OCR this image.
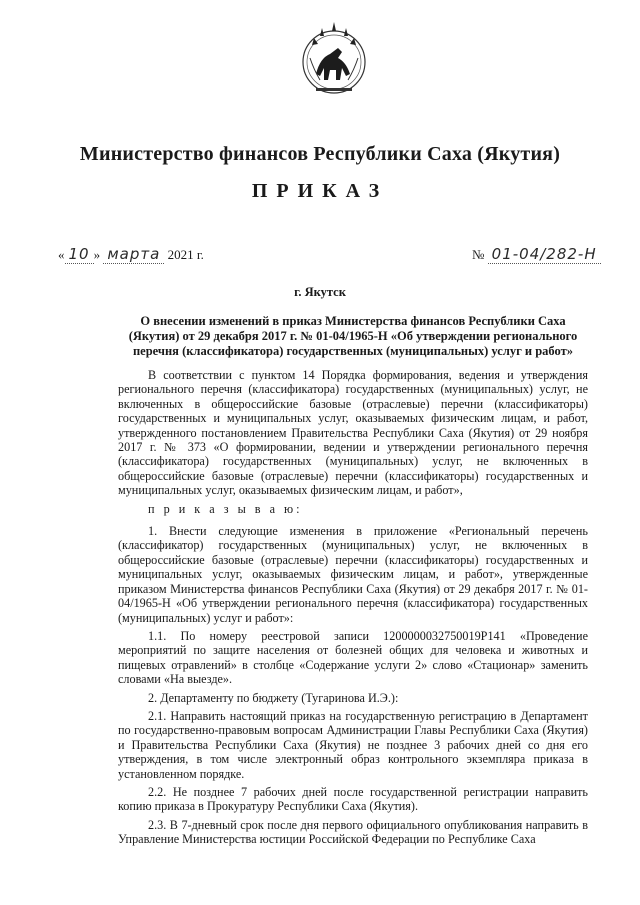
Министерство финансов Республики Саха (Якутия)
ПРИКАЗ
« 10 » марта 2021 г.	№ 01-04/282-Н
г. Якутск
О внесении изменений в приказ Министерства финансов Республики Саха (Якутия) от 29 декабря 2017 г. № 01-04/1965-Н «Об утверждении регионального перечня (классификатора) государственных (муниципальных) услуг и работ»

В соответствии с пунктом 14 Порядка формирования, ведения и утверждения регионального перечня (классификатора) государственных (муниципальных) услуг, не включенных в общероссийские базовые (отраслевые) перечни (классификаторы) государственных и муниципальных услуг, оказываемых физическим лицам, и работ, утвержденного постановлением Правительства Республики Саха (Якутия) от 29 ноября 2017 г. № 373 «О формировании, ведении и утверждении регионального перечня (классификатора) государственных (муниципальных) услуг, не включенных в общероссийские базовые (отраслевые) перечни (классификаторы) государственных и муниципальных услуг, оказываемых физическим лицам, и работ»,

п р и к а з ы в а ю:

1. Внести следующие изменения в приложение «Региональный перечень (классификатор) государственных (муниципальных) услуг, не включенных в общероссийские базовые (отраслевые) перечни (классификаторы) государственных и муниципальных услуг, оказываемых физическим лицам, и работ», утвержденные приказом Министерства финансов Республики Саха (Якутия) от 29 декабря 2017 г. № 01-04/1965-Н «Об утверждении регионального перечня (классификатора) государственных (муниципальных) услуг и работ»:

1.1. По номеру реестровой записи 1200000032750019Р141 «Проведение мероприятий по защите населения от болезней общих для человека и животных и пищевых отравлений» в столбце «Содержание услуги 2» слово «Стационар» заменить словами «На выезде».

2. Департаменту по бюджету (Тугаринова И.Э.):

2.1. Направить настоящий приказ на государственную регистрацию в Департамент по государственно-правовым вопросам Администрации Главы Республики Саха (Якутия) и Правительства Республики Саха (Якутия) не позднее 3 рабочих дней со дня его утверждения, в том числе электронный образ контрольного экземпляра приказа в установленном порядке.

2.2. Не позднее 7 рабочих дней после государственной регистрации направить копию приказа в Прокуратуру Республики Саха (Якутия).

2.3. В 7-дневный срок после дня первого официального опубликования направить в Управление Министерства юстиции Российской Федерации по Республике Саха
